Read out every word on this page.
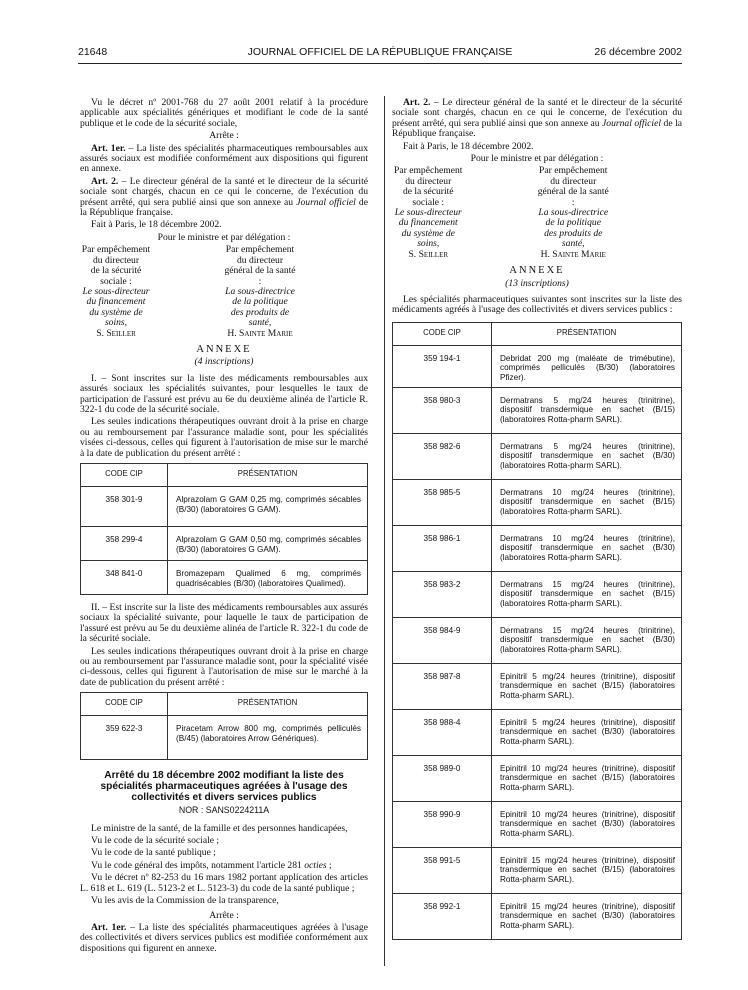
21648	JOURNAL OFFICIEL DE LA RÉPUBLIQUE FRANÇAISE	26 décembre 2002

Vu le décret nº 2001-768 du 27 août 2001 relatif à la procédure applicable aux spécialités génériques et modifiant le code de la santé publique et le code de la sécurité sociale,

Arrête :

Art. 1er. – La liste des spécialités pharmaceutiques remboursables aux assurés sociaux est modifiée conformément aux dispositions qui figurent en annexe.

Art. 2. – Le directeur général de la santé et le directeur de la sécurité sociale sont chargés, chacun en ce qui le concerne, de l'exécution du présent arrêté, qui sera publié ainsi que son annexe au Journal officiel de la République française.

Fait à Paris, le 18 décembre 2002.

Pour le ministre et par délégation :

Par empêchement du directeur
de la sécurité sociale :
Le sous-directeur
du financement
du système de soins,
S. Seiller
Par empêchement
du directeur général de la santé :
La sous-directrice
de la politique
des produits de santé,
H. Sainte Marie
ANNEXE
(4 inscriptions)

I. – Sont inscrites sur la liste des médicaments remboursables aux assurés sociaux les spécialités suivantes, pour lesquelles le taux de participation de l'assuré est prévu au 6e du deuxième alinéa de l'article R. 322-1 du code de la sécurité sociale.

Les seules indications thérapeutiques ouvrant droit à la prise en charge ou au remboursement par l'assurance maladie sont, pour les spécialités visées ci-dessous, celles qui figurent à l'autorisation de mise sur le marché à la date de publication du présent arrêté :

CODE CIP	PRÉSENTATION
358 301-9	Alprazolam G GAM 0,25 mg, comprimés sécables (B/30) (laboratoires G GAM).
358 299-4	Alprazolam G GAM 0,50 mg, comprimés sécables (B/30) (laboratoires G GAM).
348 841-0	Bromazepam Qualimed 6 mg, comprimés quadrisécables (B/30) (laboratoires Qualimed).

II. – Est inscrite sur la liste des médicaments remboursables aux assurés sociaux la spécialité suivante, pour laquelle le taux de participation de l'assuré est prévu au 5e du deuxième alinéa de l'article R. 322-1 du code de la sécurité sociale.

Les seules indications thérapeutiques ouvrant droit à la prise en charge ou au remboursement par l'assurance maladie sont, pour la spécialité visée ci-dessous, celles qui figurent à l'autorisation de mise sur le marché à la date de publication du présent arrêté :

CODE CIP	PRÉSENTATION
359 622-3	Piracetam Arrow 800 mg, comprimés pelliculés (B/45) (laboratoires Arrow Génériques).
Arrêté du 18 décembre 2002 modifiant la liste des spécialités pharmaceutiques agréées à l'usage des collectivités et divers services publics
NOR : SANS0224211A

Le ministre de la santé, de la famille et des personnes handicapées,

Vu le code de la sécurité sociale ;

Vu le code de la santé publique ;

Vu le code général des impôts, notamment l'article 281 octies ;

Vu le décret nº 82-253 du 16 mars 1982 portant application des articles L. 618 et L. 619 (L. 5123-2 et L. 5123-3) du code de la santé publique ;

Vu les avis de la Commission de la transparence,

Arrête :

Art. 1er. – La liste des spécialités pharmaceutiques agréées à l'usage des collectivités et divers services publics est modifiée conformément aux dispositions qui figurent en annexe.

Art. 2. – Le directeur général de la santé et le directeur de la sécurité sociale sont chargés, chacun en ce qui le concerne, de l'exécution du présent arrêté, qui sera publié ainsi que son annexe au Journal officiel de la République française.

Fait à Paris, le 18 décembre 2002.

Pour le ministre et par délégation :

Par empêchement du directeur
de la sécurité sociale :
Le sous-directeur
du financement
du système de soins,
S. Seiller
Par empêchement
du directeur général de la santé :
La sous-directrice
de la politique
des produits de santé,
H. Sainte Marie
ANNEXE
(13 inscriptions)

Les spécialités pharmaceutiques suivantes sont inscrites sur la liste des médicaments agréés à l'usage des collectivités et divers services publics :

CODE CIP	PRÉSENTATION
359 194-1	Debridat 200 mg (maléate de trimébutine), comprimés pelliculés (B/30) (laboratoires Pfizer).
358 980-3	Dermatrans 5 mg/24 heures (trinitrine), dispositif transdermique en sachet (B/15) (laboratoires Rotta-pharm SARL).
358 982-6	Dermatrans 5 mg/24 heures (trinitrine), dispositif transdermique en sachet (B/30) (laboratoires Rotta-pharm SARL).
358 985-5	Dermatrans 10 mg/24 heures (trinitrine), dispositif transdermique en sachet (B/15) (laboratoires Rotta-pharm SARL).
358 986-1	Dermatrans 10 mg/24 heures (trinitrine), dispositif transdermique en sachet (B/30) (laboratoires Rotta-pharm SARL).
358 983-2	Dermatrans 15 mg/24 heures (trinitrine), dispositif transdermique en sachet (B/15) (laboratoires Rotta-pharm SARL).
358 984-9	Dermatrans 15 mg/24 heures (trinitrine), dispositif transdermique en sachet (B/30) (laboratoires Rotta-pharm SARL).
358 987-8	Epinitril 5 mg/24 heures (trinitrine), dispositif transdermique en sachet (B/15) (laboratoires Rotta-pharm SARL).
358 988-4	Epinitril 5 mg/24 heures (trinitrine), dispositif transdermique en sachet (B/30) (laboratoires Rotta-pharm SARL).
358 989-0	Epinitril 10 mg/24 heures (trinitrine), dispositif transdermique en sachet (B/15) (laboratoires Rotta-pharm SARL).
358 990-9	Epinitril 10 mg/24 heures (trinitrine), dispositif transdermique en sachet (B/30) (laboratoires Rotta-pharm SARL).
358 991-5	Epinitril 15 mg/24 heures (trinitrine), dispositif transdermique en sachet (B/15) (laboratoires Rotta-pharm SARL).
358 992-1	Epinitril 15 mg/24 heures (trinitrine), dispositif transdermique en sachet (B/30) (laboratoires Rotta-pharm SARL).
